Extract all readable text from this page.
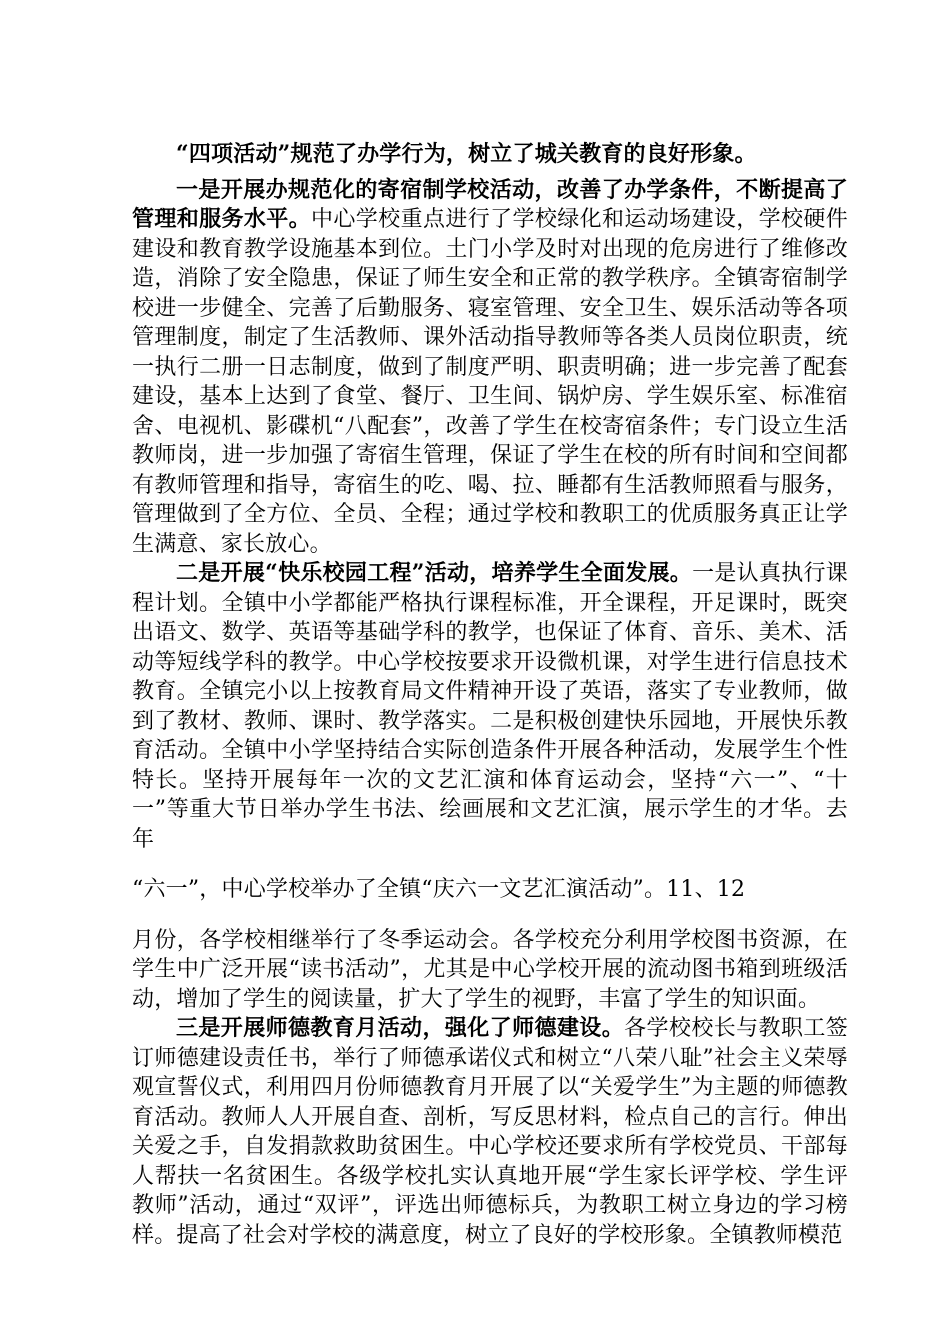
“四项活动”规范了办学行为，树立了城关教育的良好形象。

一是开展办规范化的寄宿制学校活动，改善了办学条件，不断提高了管理和服务水平。中心学校重点进行了学校绿化和运动场建设，学校硬件建设和教育教学设施基本到位。土门小学及时对出现的危房进行了维修改造，消除了安全隐患，保证了师生安全和正常的教学秩序。全镇寄宿制学校进一步健全、完善了后勤服务、寝室管理、安全卫生、娱乐活动等各项管理制度，制定了生活教师、课外活动指导教师等各类人员岗位职责，统一执行二册一日志制度，做到了制度严明、职责明确；进一步完善了配套建设，基本上达到了食堂、餐厅、卫生间、锅炉房、学生娱乐室、标准宿舍、电视机、影碟机“八配套”，改善了学生在校寄宿条件；专门设立生活教师岗，进一步加强了寄宿生管理，保证了学生在校的所有时间和空间都有教师管理和指导，寄宿生的吃、喝、拉、睡都有生活教师照看与服务，管理做到了全方位、全员、全程；通过学校和教职工的优质服务真正让学生满意、家长放心。

二是开展“快乐校园工程”活动，培养学生全面发展。一是认真执行课程计划。全镇中小学都能严格执行课程标准，开全课程，开足课时，既突出语文、数学、英语等基础学科的教学，也保证了体育、音乐、美术、活动等短线学科的教学。中心学校按要求开设微机课，对学生进行信息技术教育。全镇完小以上按教育局文件精神开设了英语，落实了专业教师，做到了教材、教师、课时、教学落实。二是积极创建快乐园地，开展快乐教育活动。全镇中小学坚持结合实际创造条件开展各种活动，发展学生个性特长。坚持开展每年一次的文艺汇演和体育运动会，坚持“六一”、“十一”等重大节日举办学生书法、绘画展和文艺汇演，展示学生的才华。去年

“六一”，中心学校举办了全镇“庆六一文艺汇演活动”。11、12

月份，各学校相继举行了冬季运动会。各学校充分利用学校图书资源，在学生中广泛开展“读书活动”，尤其是中心学校开展的流动图书箱到班级活动，增加了学生的阅读量，扩大了学生的视野，丰富了学生的知识面。

三是开展师德教育月活动，强化了师德建设。各学校校长与教职工签订师德建设责任书，举行了师德承诺仪式和树立“八荣八耻”社会主义荣辱观宣誓仪式，利用四月份师德教育月开展了以“关爱学生”为主题的师德教育活动。教师人人开展自查、剖析，写反思材料，检点自己的言行。伸出关爱之手，自发捐款救助贫困生。中心学校还要求所有学校党员、干部每人帮扶一名贫困生。各级学校扎实认真地开展“学生家长评学校、学生评教师”活动，通过“双评”，评选出师德标兵，为教职工树立身边的学习榜样。提高了社会对学校的满意度，树立了良好的学校形象。全镇教师模范
